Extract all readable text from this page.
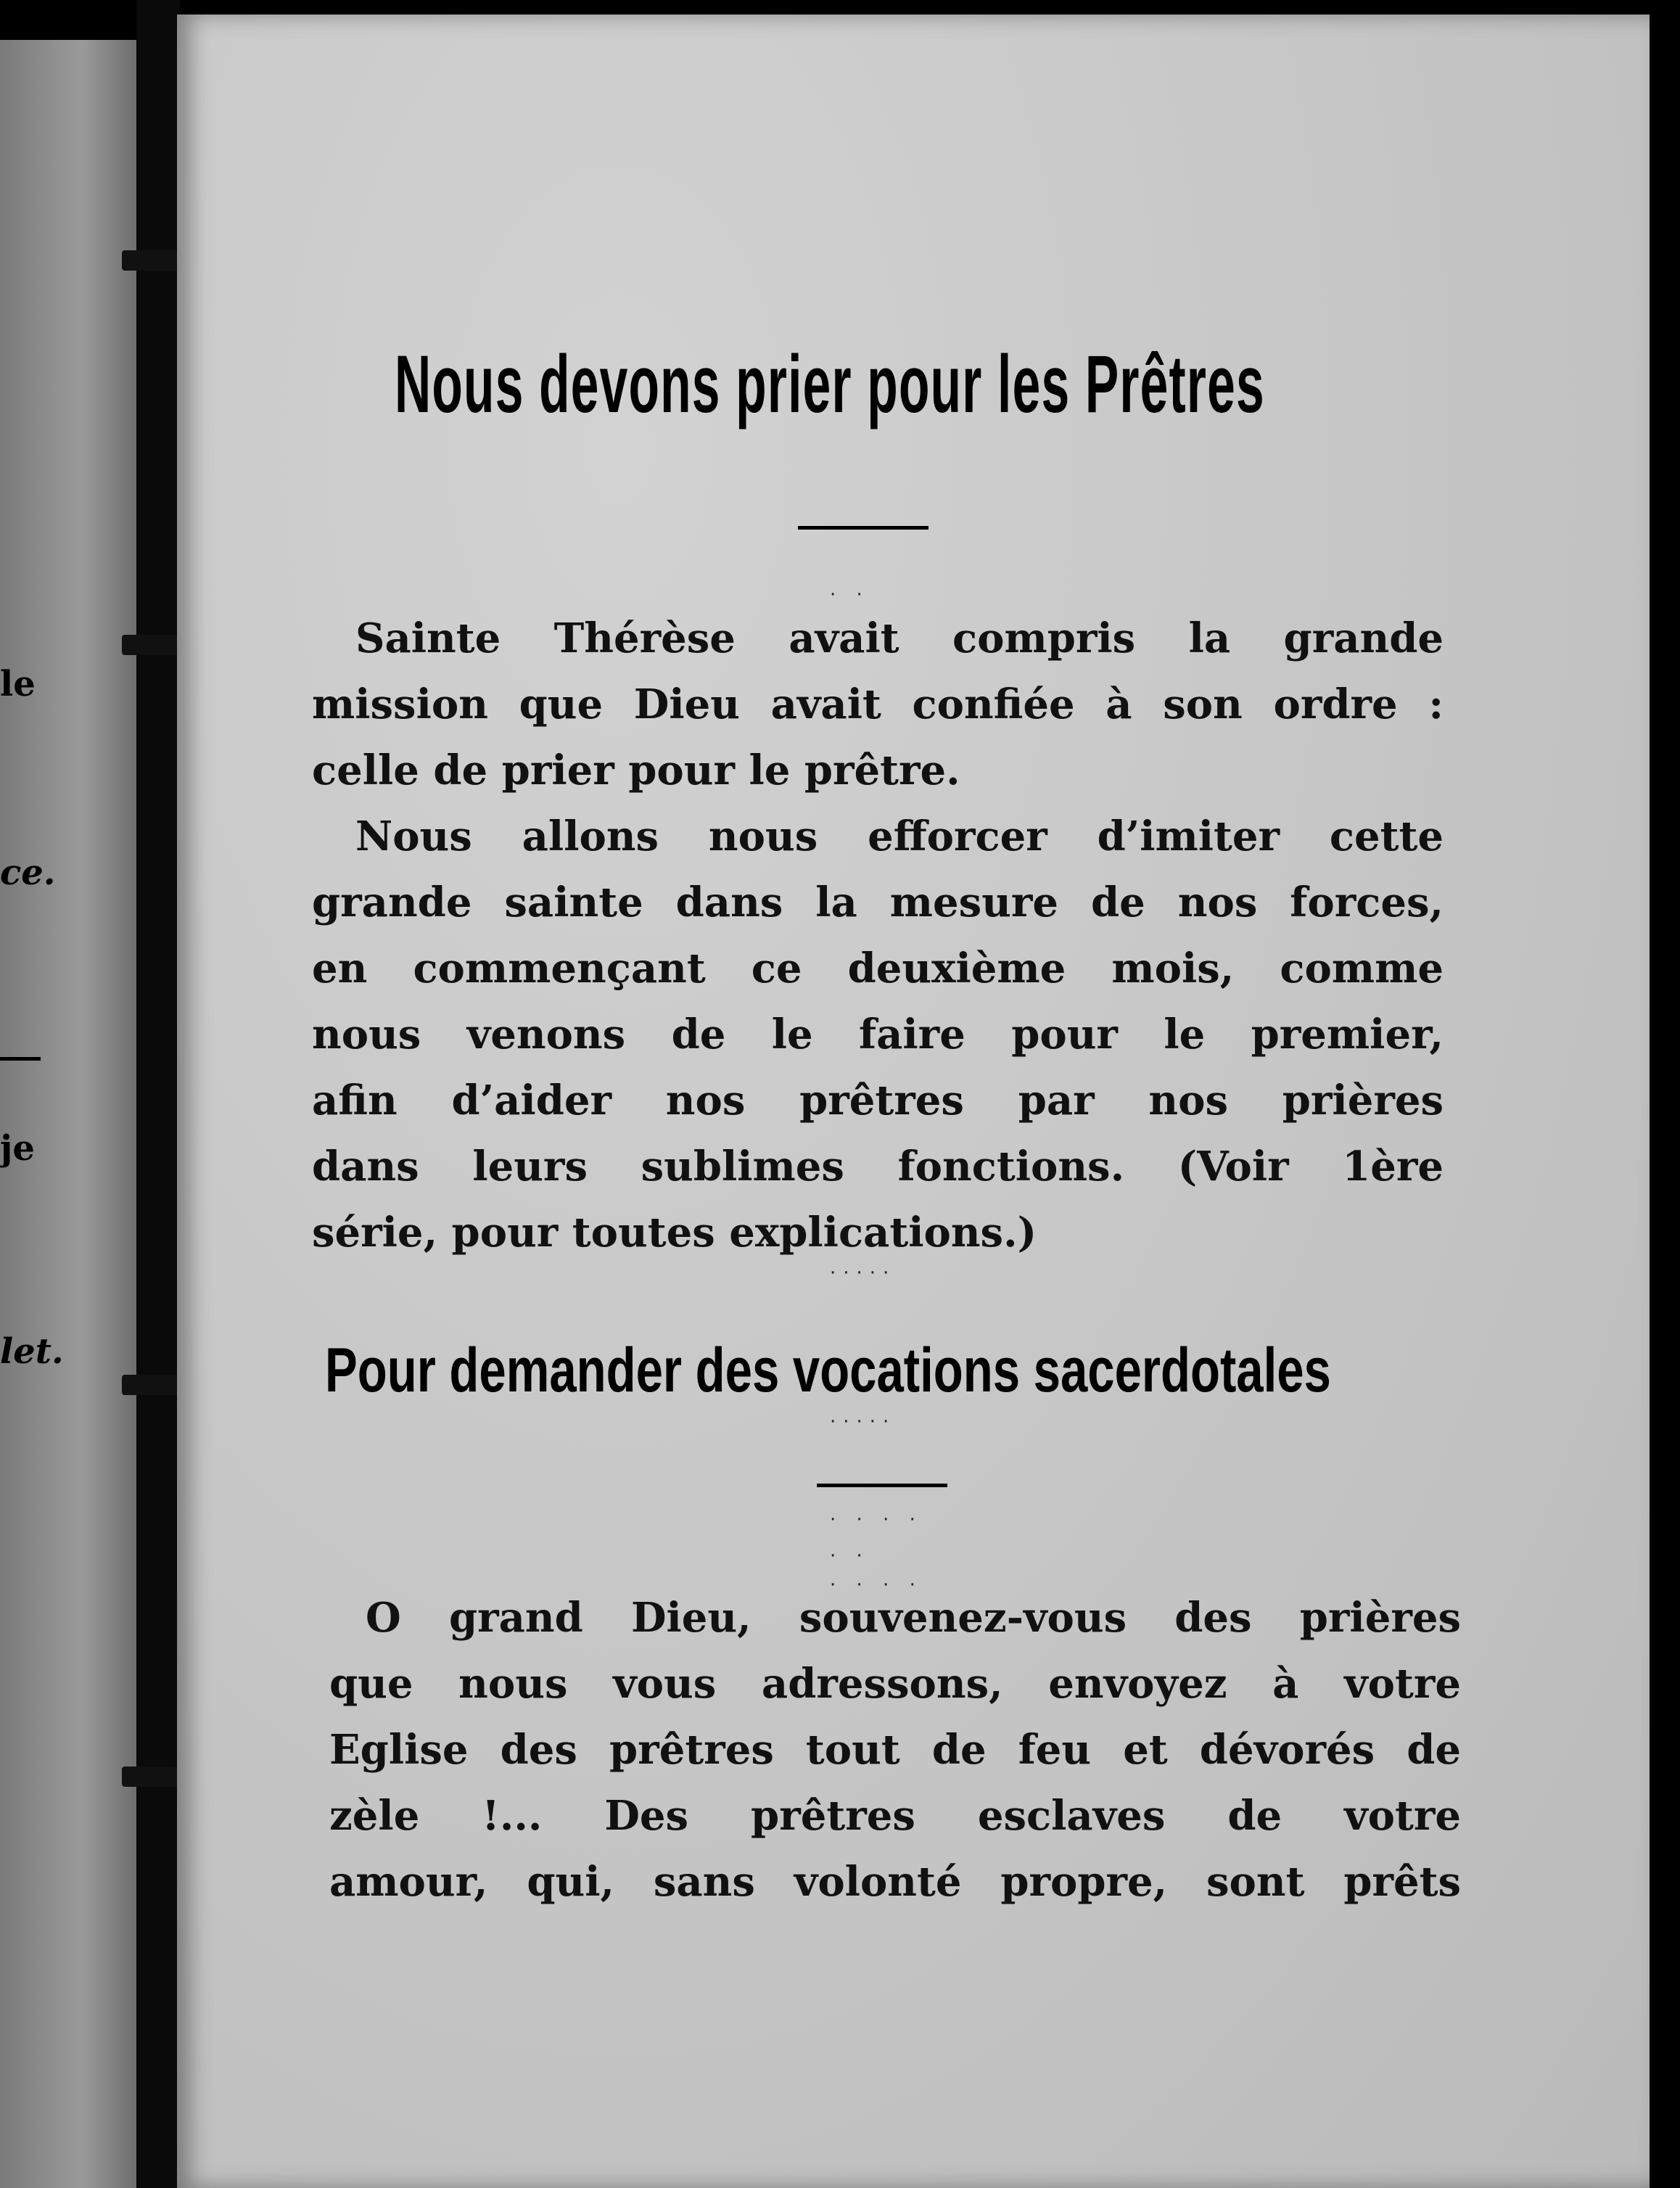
le
ce.
je
let.
Nous devons prier pour les Prêtres
· ·
Sainte Thérèse avait compris la grande
mission que Dieu avait confiée à son ordre :
celle de prier pour le prêtre.
Nous allons nous efforcer d’imiter cette
grande sainte dans la mesure de nos forces,
en commençant ce deuxième mois, comme
nous venons de le faire pour le premier,
afin d’aider nos prêtres par nos prières
dans leurs sublimes fonctions. (Voir 1ère
série, pour toutes explications.)
·····
Pour demander des vocations sacerdotales
·····
· · · ·
· ·
· · · ·
O grand Dieu, souvenez-vous des prières
que nous vous adressons, envoyez à votre
Eglise des prêtres tout de feu et dévorés de
zèle !... Des prêtres esclaves de votre
amour, qui, sans volonté propre, sont prêts
